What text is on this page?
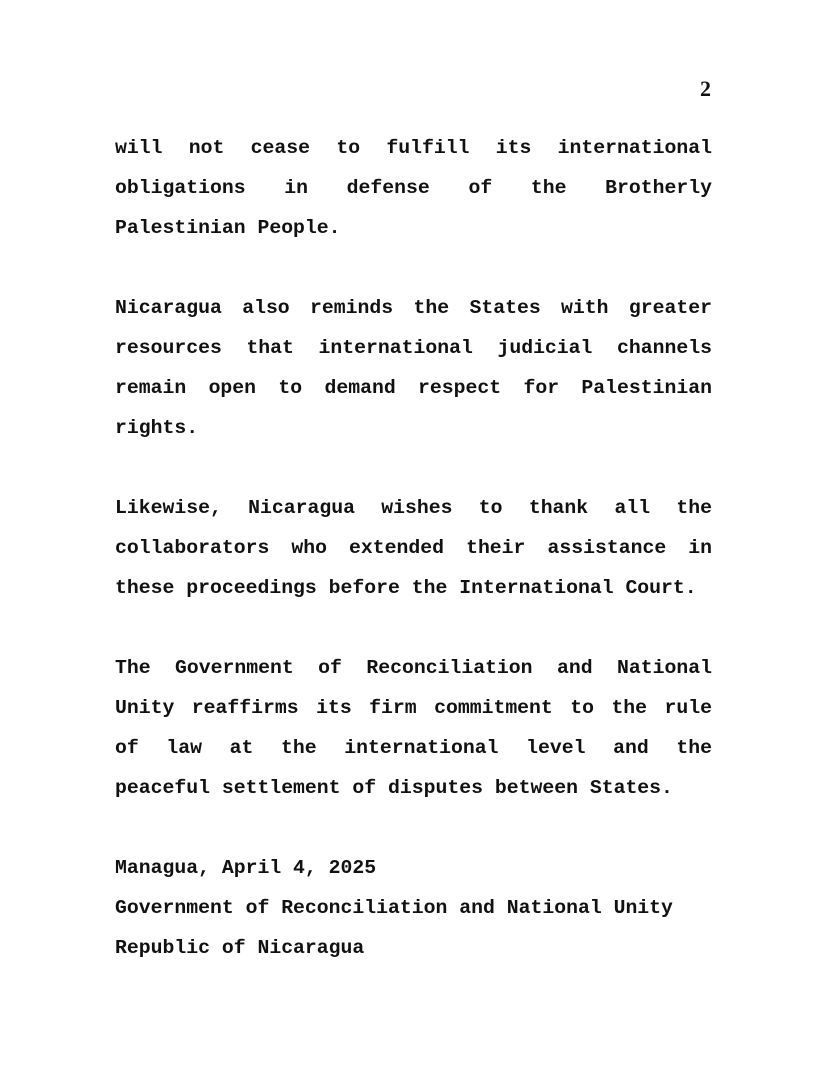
2

will not cease to fulfill its international
obligations in defense of the Brotherly
Palestinian People.

Nicaragua also reminds the States with greater
resources that international judicial channels
remain open to demand respect for Palestinian
rights.

Likewise, Nicaragua wishes to thank all the
collaborators who extended their assistance in
these proceedings before the International Court.

The Government of Reconciliation and National
Unity reaffirms its firm commitment to the rule
of law at the international level and the
peaceful settlement of disputes between States.

Managua, April 4, 2025
Government of Reconciliation and National Unity
Republic of Nicaragua
